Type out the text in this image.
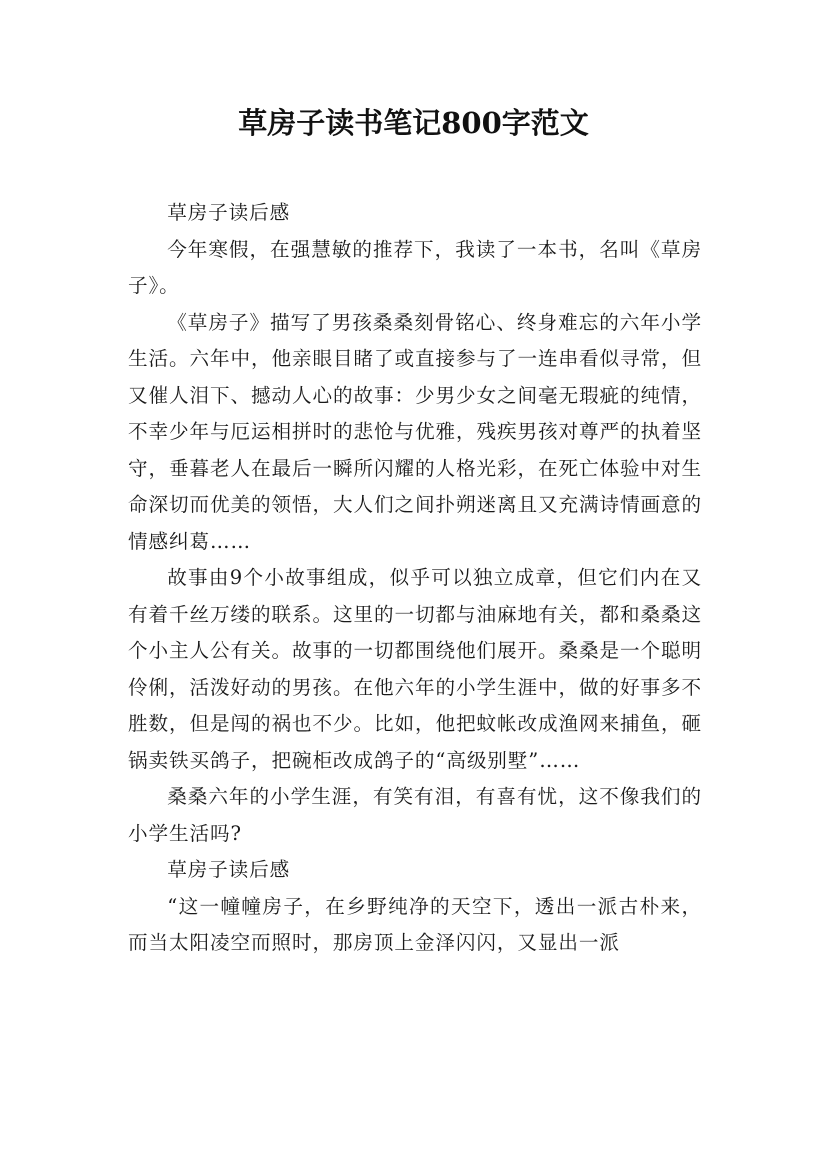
草房子读书笔记800字范文

草房子读后感

今年寒假，在强慧敏的推荐下，我读了一本书，名叫《草房子》。

《草房子》描写了男孩桑桑刻骨铭心、终身难忘的六年小学生活。六年中，他亲眼目睹了或直接参与了一连串看似寻常，但又催人泪下、撼动人心的故事：少男少女之间毫无瑕疵的纯情，不幸少年与厄运相拼时的悲怆与优雅，残疾男孩对尊严的执着坚守，垂暮老人在最后一瞬所闪耀的人格光彩，在死亡体验中对生命深切而优美的领悟，大人们之间扑朔迷离且又充满诗情画意的情感纠葛……

故事由9个小故事组成，似乎可以独立成章，但它们内在又有着千丝万缕的联系。这里的一切都与油麻地有关，都和桑桑这个小主人公有关。故事的一切都围绕他们展开。桑桑是一个聪明伶俐，活泼好动的男孩。在他六年的小学生涯中，做的好事多不胜数，但是闯的祸也不少。比如，他把蚊帐改成渔网来捕鱼，砸锅卖铁买鸽子，把碗柜改成鸽子的“高级别墅”……

桑桑六年的小学生涯，有笑有泪，有喜有忧，这不像我们的小学生活吗?

草房子读后感

“这一幢幢房子，在乡野纯净的天空下，透出一派古朴来，而当太阳凌空而照时，那房顶上金泽闪闪，又显出一派
